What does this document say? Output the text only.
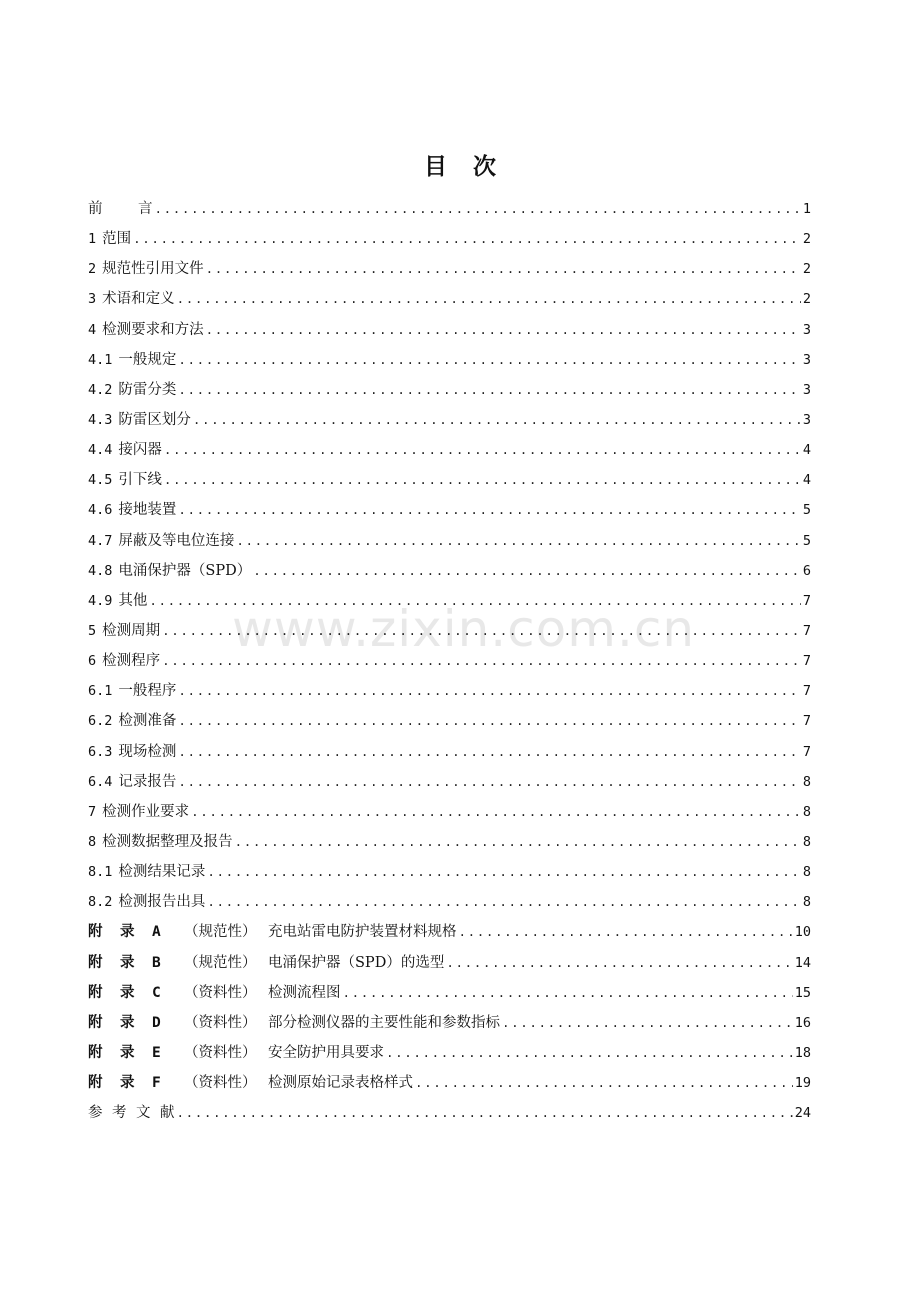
www.zixin.com.cn
目 次
前 言 .....	1
1 范围 .....	2
2 规范性引用文件 .....	2
3 术语和定义 .....	2
4 检测要求和方法 .....	3
4.1 一般规定 .....	3
4.2 防雷分类 .....	3
4.3 防雷区划分 .....	3
4.4 接闪器 .....	4
4.5 引下线 .....	4
4.6 接地装置 .....	5
4.7 屏蔽及等电位连接 .....	5
4.8 电涌保护器（SPD） .....	6
4.9 其他 .....	7
5 检测周期 .....	7
6 检测程序 .....	7
6.1 一般程序 .....	7
6.2 检测准备 .....	7
6.3 现场检测 .....	7
6.4 记录报告 .....	8
7 检测作业要求 .....	8
8 检测数据整理及报告 .....	8
8.1 检测结果记录 .....	8
8.2 检测报告出具 .....	8
附 录 A （规范性） 充电站雷电防护装置材料规格 .....	10
附 录 B （规范性） 电涌保护器（SPD）的选型 .....	14
附 录 C （资料性） 检测流程图 .....	15
附 录 D （资料性） 部分检测仪器的主要性能和参数指标 .....	16
附 录 E （资料性） 安全防护用具要求 .....	18
附 录 F （资料性） 检测原始记录表格样式 .....	19
参 考 文 献 .....	24
